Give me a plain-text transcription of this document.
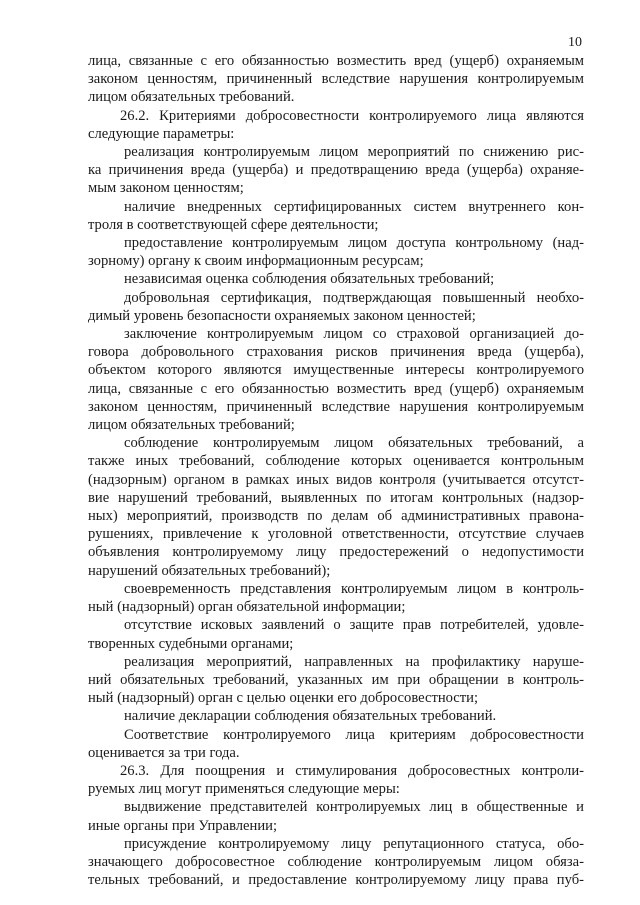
10

лица, связанные с его обязанностью возместить вред (ущерб) охраняемым

законом ценностям, причиненный вследствие нарушения контролируемым

лицом обязательных требований.

26.2. Критериями добросовестности контролируемого лица являются

следующие параметры:

реализация контролируемым лицом мероприятий по снижению рис-

ка причинения вреда (ущерба) и предотвращению вреда (ущерба) охраняе-

мым законом ценностям;

наличие внедренных сертифицированных систем внутреннего кон-

троля в соответствующей сфере деятельности;

предоставление контролируемым лицом доступа контрольному (над-

зорному) органу к своим информационным ресурсам;

независимая оценка соблюдения обязательных требований;

добровольная сертификация, подтверждающая повышенный необхо-

димый уровень безопасности охраняемых законом ценностей;

заключение контролируемым лицом со страховой организацией до-

говора добровольного страхования рисков причинения вреда (ущерба),

объектом которого являются имущественные интересы контролируемого

лица, связанные с его обязанностью возместить вред (ущерб) охраняемым

законом ценностям, причиненный вследствие нарушения контролируемым

лицом обязательных требований;

соблюдение контролируемым лицом обязательных требований, а

также иных требований, соблюдение которых оценивается контрольным

(надзорным) органом в рамках иных видов контроля (учитывается отсутст-

вие нарушений требований, выявленных по итогам контрольных (надзор-

ных) мероприятий, производств по делам об административных правона-

рушениях, привлечение к уголовной ответственности, отсутствие случаев

объявления контролируемому лицу предостережений о недопустимости

нарушений обязательных требований);

своевременность представления контролируемым лицом в контроль-

ный (надзорный) орган обязательной информации;

отсутствие исковых заявлений о защите прав потребителей, удовле-

творенных судебными органами;

реализация мероприятий, направленных на профилактику наруше-

ний обязательных требований, указанных им при обращении в контроль-

ный (надзорный) орган с целью оценки его добросовестности;

наличие декларации соблюдения обязательных требований.

Соответствие контролируемого лица критериям добросовестности

оценивается за три года.

26.3. Для поощрения и стимулирования добросовестных контроли-

руемых лиц могут применяться следующие меры:

выдвижение представителей контролируемых лиц в общественные и

иные органы при Управлении;

присуждение контролируемому лицу репутационного статуса, обо-

значающего добросовестное соблюдение контролируемым лицом обяза-

тельных требований, и предоставление контролируемому лицу права пуб-
